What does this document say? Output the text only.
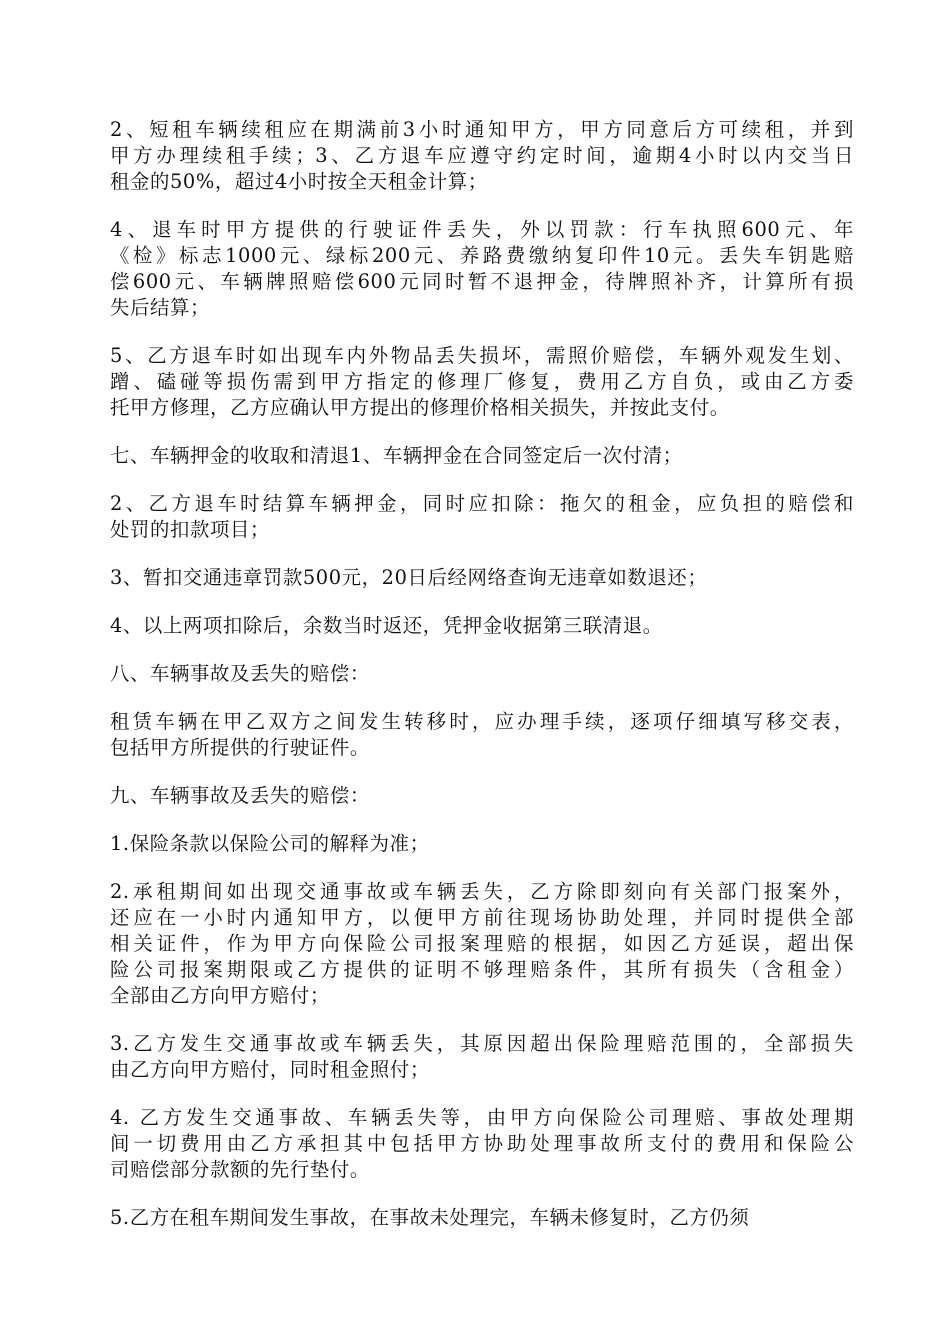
2、短租车辆续租应在期满前3小时通知甲方，甲方同意后方可续租，并到
甲方办理续租手续；3、乙方退车应遵守约定时间，逾期4小时以内交当日
租金的50%，超过4小时按全天租金计算；

4、退车时甲方提供的行驶证件丢失，外以罚款：行车执照600元、年
《检》标志1000元、绿标200元、养路费缴纳复印件10元。丢失车钥匙赔
偿600元、车辆牌照赔偿600元同时暂不退押金，待牌照补齐，计算所有损
失后结算；

5、乙方退车时如出现车内外物品丢失损坏，需照价赔偿，车辆外观发生划、
蹭、磕碰等损伤需到甲方指定的修理厂修复，费用乙方自负，或由乙方委
托甲方修理，乙方应确认甲方提出的修理价格相关损失，并按此支付。

七、车辆押金的收取和清退1、车辆押金在合同签定后一次付清；

2、乙方退车时结算车辆押金，同时应扣除：拖欠的租金，应负担的赔偿和
处罚的扣款项目；

3、暂扣交通违章罚款500元，20日后经网络查询无违章如数退还；

4、以上两项扣除后，余数当时返还，凭押金收据第三联清退。

八、车辆事故及丢失的赔偿：

租赁车辆在甲乙双方之间发生转移时，应办理手续，逐项仔细填写移交表，
包括甲方所提供的行驶证件。

九、车辆事故及丢失的赔偿：

1.保险条款以保险公司的解释为准；

2.承租期间如出现交通事故或车辆丢失，乙方除即刻向有关部门报案外，
还应在一小时内通知甲方，以便甲方前往现场协助处理，并同时提供全部
相关证件，作为甲方向保险公司报案理赔的根据，如因乙方延误，超出保
险公司报案期限或乙方提供的证明不够理赔条件，其所有损失（含租金）
全部由乙方向甲方赔付；

3.乙方发生交通事故或车辆丢失，其原因超出保险理赔范围的，全部损失
由乙方向甲方赔付，同时租金照付；

4. 乙方发生交通事故、车辆丢失等，由甲方向保险公司理赔、事故处理期
间一切费用由乙方承担其中包括甲方协助处理事故所支付的费用和保险公
司赔偿部分款额的先行垫付。

5.乙方在租车期间发生事故，在事故未处理完，车辆未修复时，乙方仍须
